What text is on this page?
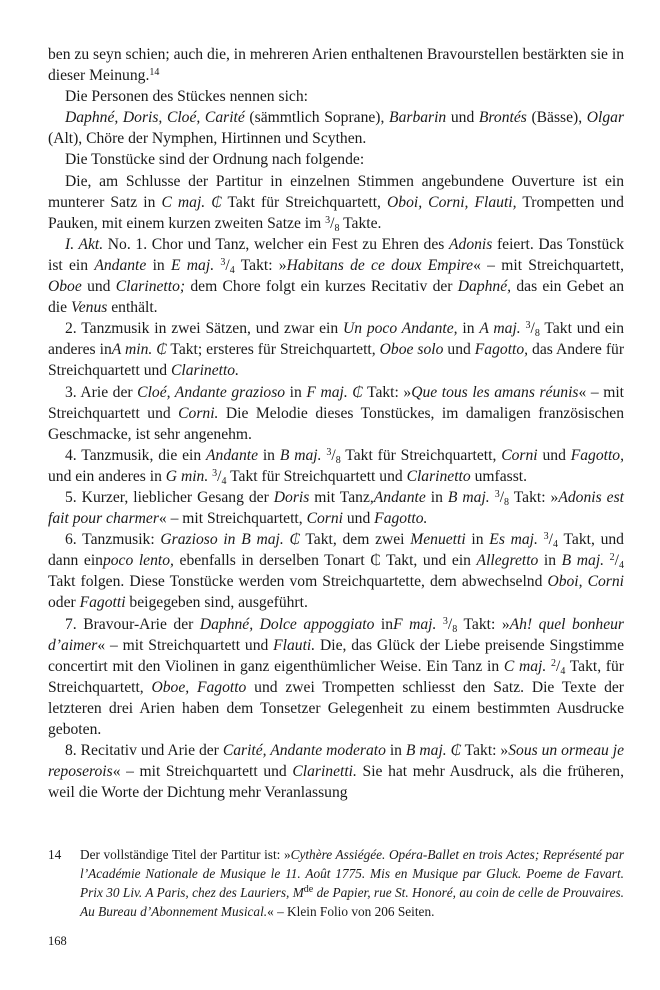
ben zu seyn schien; auch die, in mehreren Arien enthaltenen Bravourstellen bestärkten sie in dieser Meinung.$^{14}$

Die Personen des Stückes nennen sich:

Daphné, Doris, Cloé, Carité (sämmtlich Soprane), Barbarin und Brontés (Bässe), Olgar (Alt), Chöre der Nymphen, Hirtinnen und Scythen.

Die Tonstücke sind der Ordnung nach folgende:

Die, am Schlusse der Partitur in einzelnen Stimmen angebundene Ouverture ist ein munterer Satz in C maj. ₵ Takt für Streichquartett, Oboi, Corni, Flauti, Trompetten und Pauken, mit einem kurzen zweiten Satze im $^3/_8$ Takte.

I. Akt. No. 1. Chor und Tanz, welcher ein Fest zu Ehren des Adonis feiert. Das Tonstück ist ein Andante in E maj. $^3/_4$ Takt: »Habitans de ce doux Empire« – mit Streichquartett, Oboe und Clarinetto; dem Chore folgt ein kurzes Recitativ der Daphné, das ein Gebet an die Venus enthält.

2. Tanzmusik in zwei Sätzen, und zwar ein Un poco Andante, in A maj. $^3/_8$ Takt und ein anderes inA min. ₵ Takt; ersteres für Streichquartett, Oboe solo und Fagotto, das Andere für Streichquartett und Clarinetto.

3. Arie der Cloé, Andante grazioso in F maj. ₵ Takt: »Que tous les amans réunis« – mit Streichquartett und Corni. Die Melodie dieses Tonstückes, im damaligen französischen Geschmacke, ist sehr angenehm.

4. Tanzmusik, die ein Andante in B maj. $^3/_8$ Takt für Streichquartett, Corni und Fagotto, und ein anderes in G min. $^3/_4$ Takt für Streichquartett und Clarinetto umfasst.

5. Kurzer, lieblicher Gesang der Doris mit Tanz,Andante in B maj. $^3/_8$ Takt: »Adonis est fait pour charmer« – mit Streichquartett, Corni und Fagotto.

6. Tanzmusik: Grazioso in B maj. ₵ Takt, dem zwei Menuetti in Es maj. $^3/_4$ Takt, und dann einpoco lento, ebenfalls in derselben Tonart ₵ Takt, und ein Allegretto in B maj. $^2/_4$ Takt folgen. Diese Tonstücke werden vom Streichquartette, dem abwechselnd Oboi, Corni oder Fagotti beigegeben sind, ausgeführt.

7. Bravour-Arie der Daphné, Dolce appoggiato inF maj. $^3/_8$ Takt: »Ah! quel bonheur d’aimer« – mit Streichquartett und Flauti. Die, das Glück der Liebe preisende Singstimme concertirt mit den Violinen in ganz eigenthümlicher Weise. Ein Tanz in C maj. $^2/_4$ Takt, für Streichquartett, Oboe, Fagotto und zwei Trompetten schliesst den Satz. Die Texte der letzteren drei Arien haben dem Tonsetzer Gelegenheit zu einem bestimmten Ausdrucke geboten.

8. Recitativ und Arie der Carité, Andante moderato in B maj. ₵ Takt: »Sous un ormeau je reposerois« – mit Streichquartett und Clarinetti. Sie hat mehr Ausdruck, als die früheren, weil die Worte der Dichtung mehr Veranlassung

14	Der vollständige Titel der Partitur ist: »Cythère Assiégée. Opéra-Ballet en trois Actes; Représenté par l’Académie Nationale de Musique le 11. Août 1775. Mis en Musique par Gluck. Poeme de Favart. Prix 30 Liv. A Paris, chez des Lauriers, Mde de Papier, rue St. Honoré, au coin de celle de Prouvaires. Au Bureau d’Abonnement Musical.« – Klein Folio von 206 Seiten.
168
